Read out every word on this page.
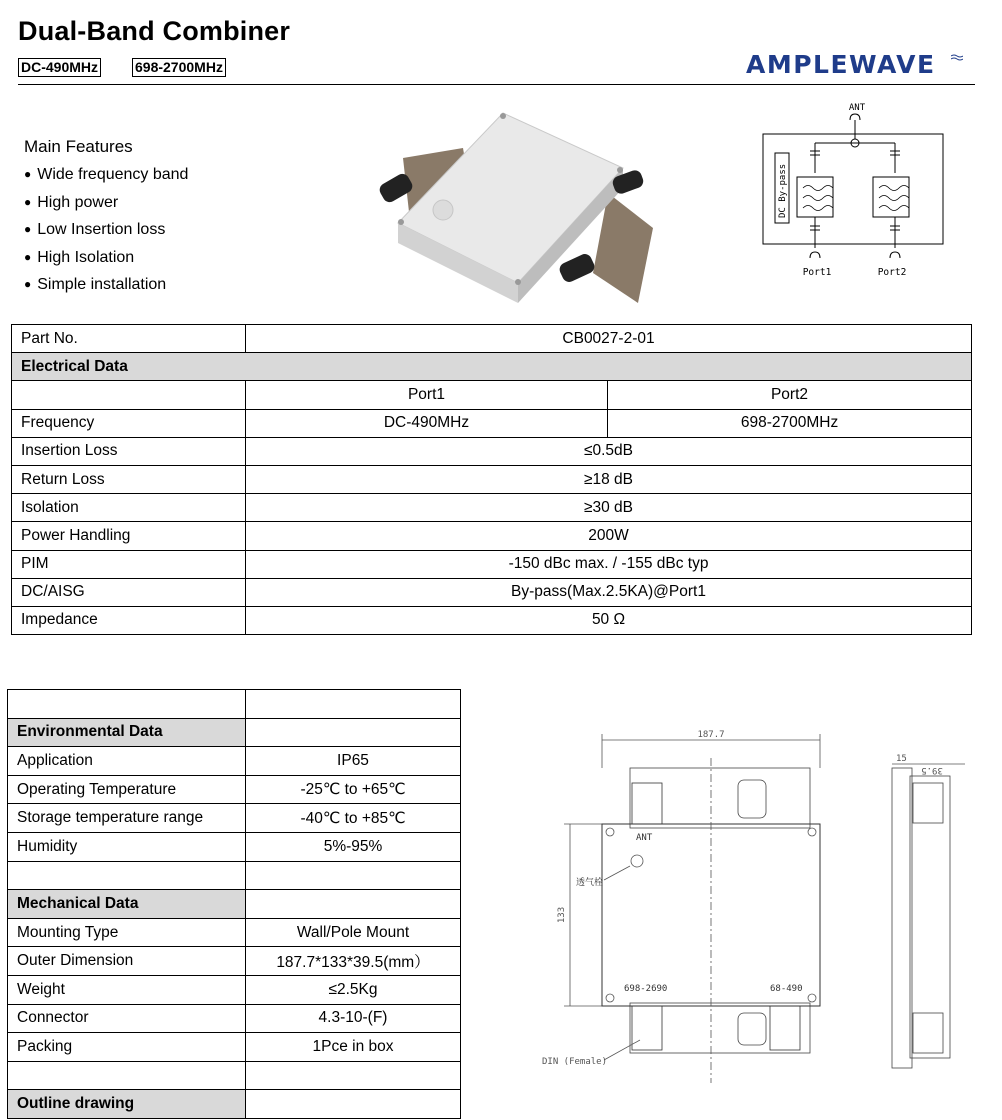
Dual-Band Combiner
DC-490MHz	698-2700MHz	AMPLEWAVE
Main Features
● Wide frequency band
● High power
● Low Insertion loss
● High Isolation
● Simple installation
ANT
DC By-pass
Port1	Port2
Part No.	CB0027-2-01	
Electrical Data		
	Port1	Port2
Frequency	DC-490MHz	698-2700MHz
Insertion Loss	≤0.5dB	
Return Loss	≥18 dB	
Isolation	≥30 dB	
Power Handling	200W	
PIM	-150 dBc max. / -155 dBc typ	
DC/AISG	By-pass(Max.2.5KA)@Port1	
Impedance	50 Ω	

Environmental Data	
Application	IP65
Operating Temperature	-25℃ to +65℃
Storage temperature range	-40℃ to +85℃
Humidity	5%-95%

Mechanical Data	
Mounting Type	Wall/Pole Mount
Outer Dimension	187.7*133*39.5(mm）
Weight	≤2.5Kg
Connector	4.3-10-(F)
Packing	1Pce in box

Outline drawing	
187.7
133
ANT
透气栓
698-2690	68-490
DIN (Female)
15
39.5
